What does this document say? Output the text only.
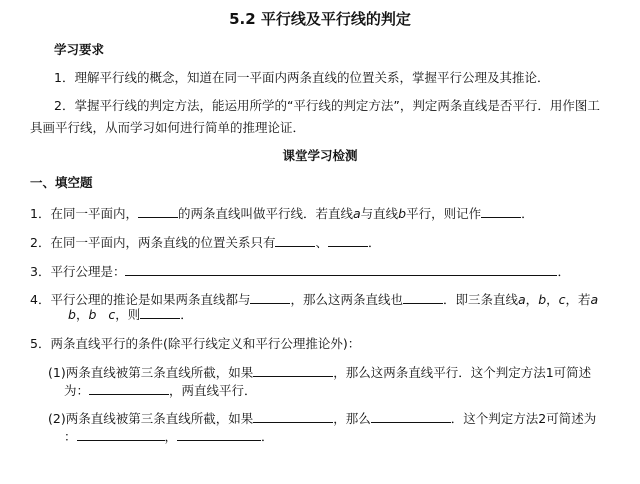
5.2 平行线及平行线的判定
学习要求
1．理解平行线的概念，知道在同一平面内两条直线的位置关系，掌握平行公理及其推论．
2．掌握平行线的判定方法，能运用所学的“平行线的判定方法”，判定两条直线是否平行．用作图工
具画平行线，从而学习如何进行简单的推理论证．
课堂学习检测
一、填空题
1．在同一平面内，	的两条直线叫做平行线．若直线a与直线b平行，则记作	．
2．在同一平面内，两条直线的位置关系只有	、	．
3．平行公理是：	．
4．平行公理的推论是如果两条直线都与	，那么这两条直线也	．即三条直线a，b，c，若a
b，b c，则	．
5．两条直线平行的条件(除平行线定义和平行公理推论外)：
(1)两条直线被第三条直线所截，如果	，那么这两条直线平行．这个判定方法1可简述
为：	，两直线平行．
(2)两条直线被第三条直线所截，如果	，那么	．这个判定方法2可简述为
：	，	．
